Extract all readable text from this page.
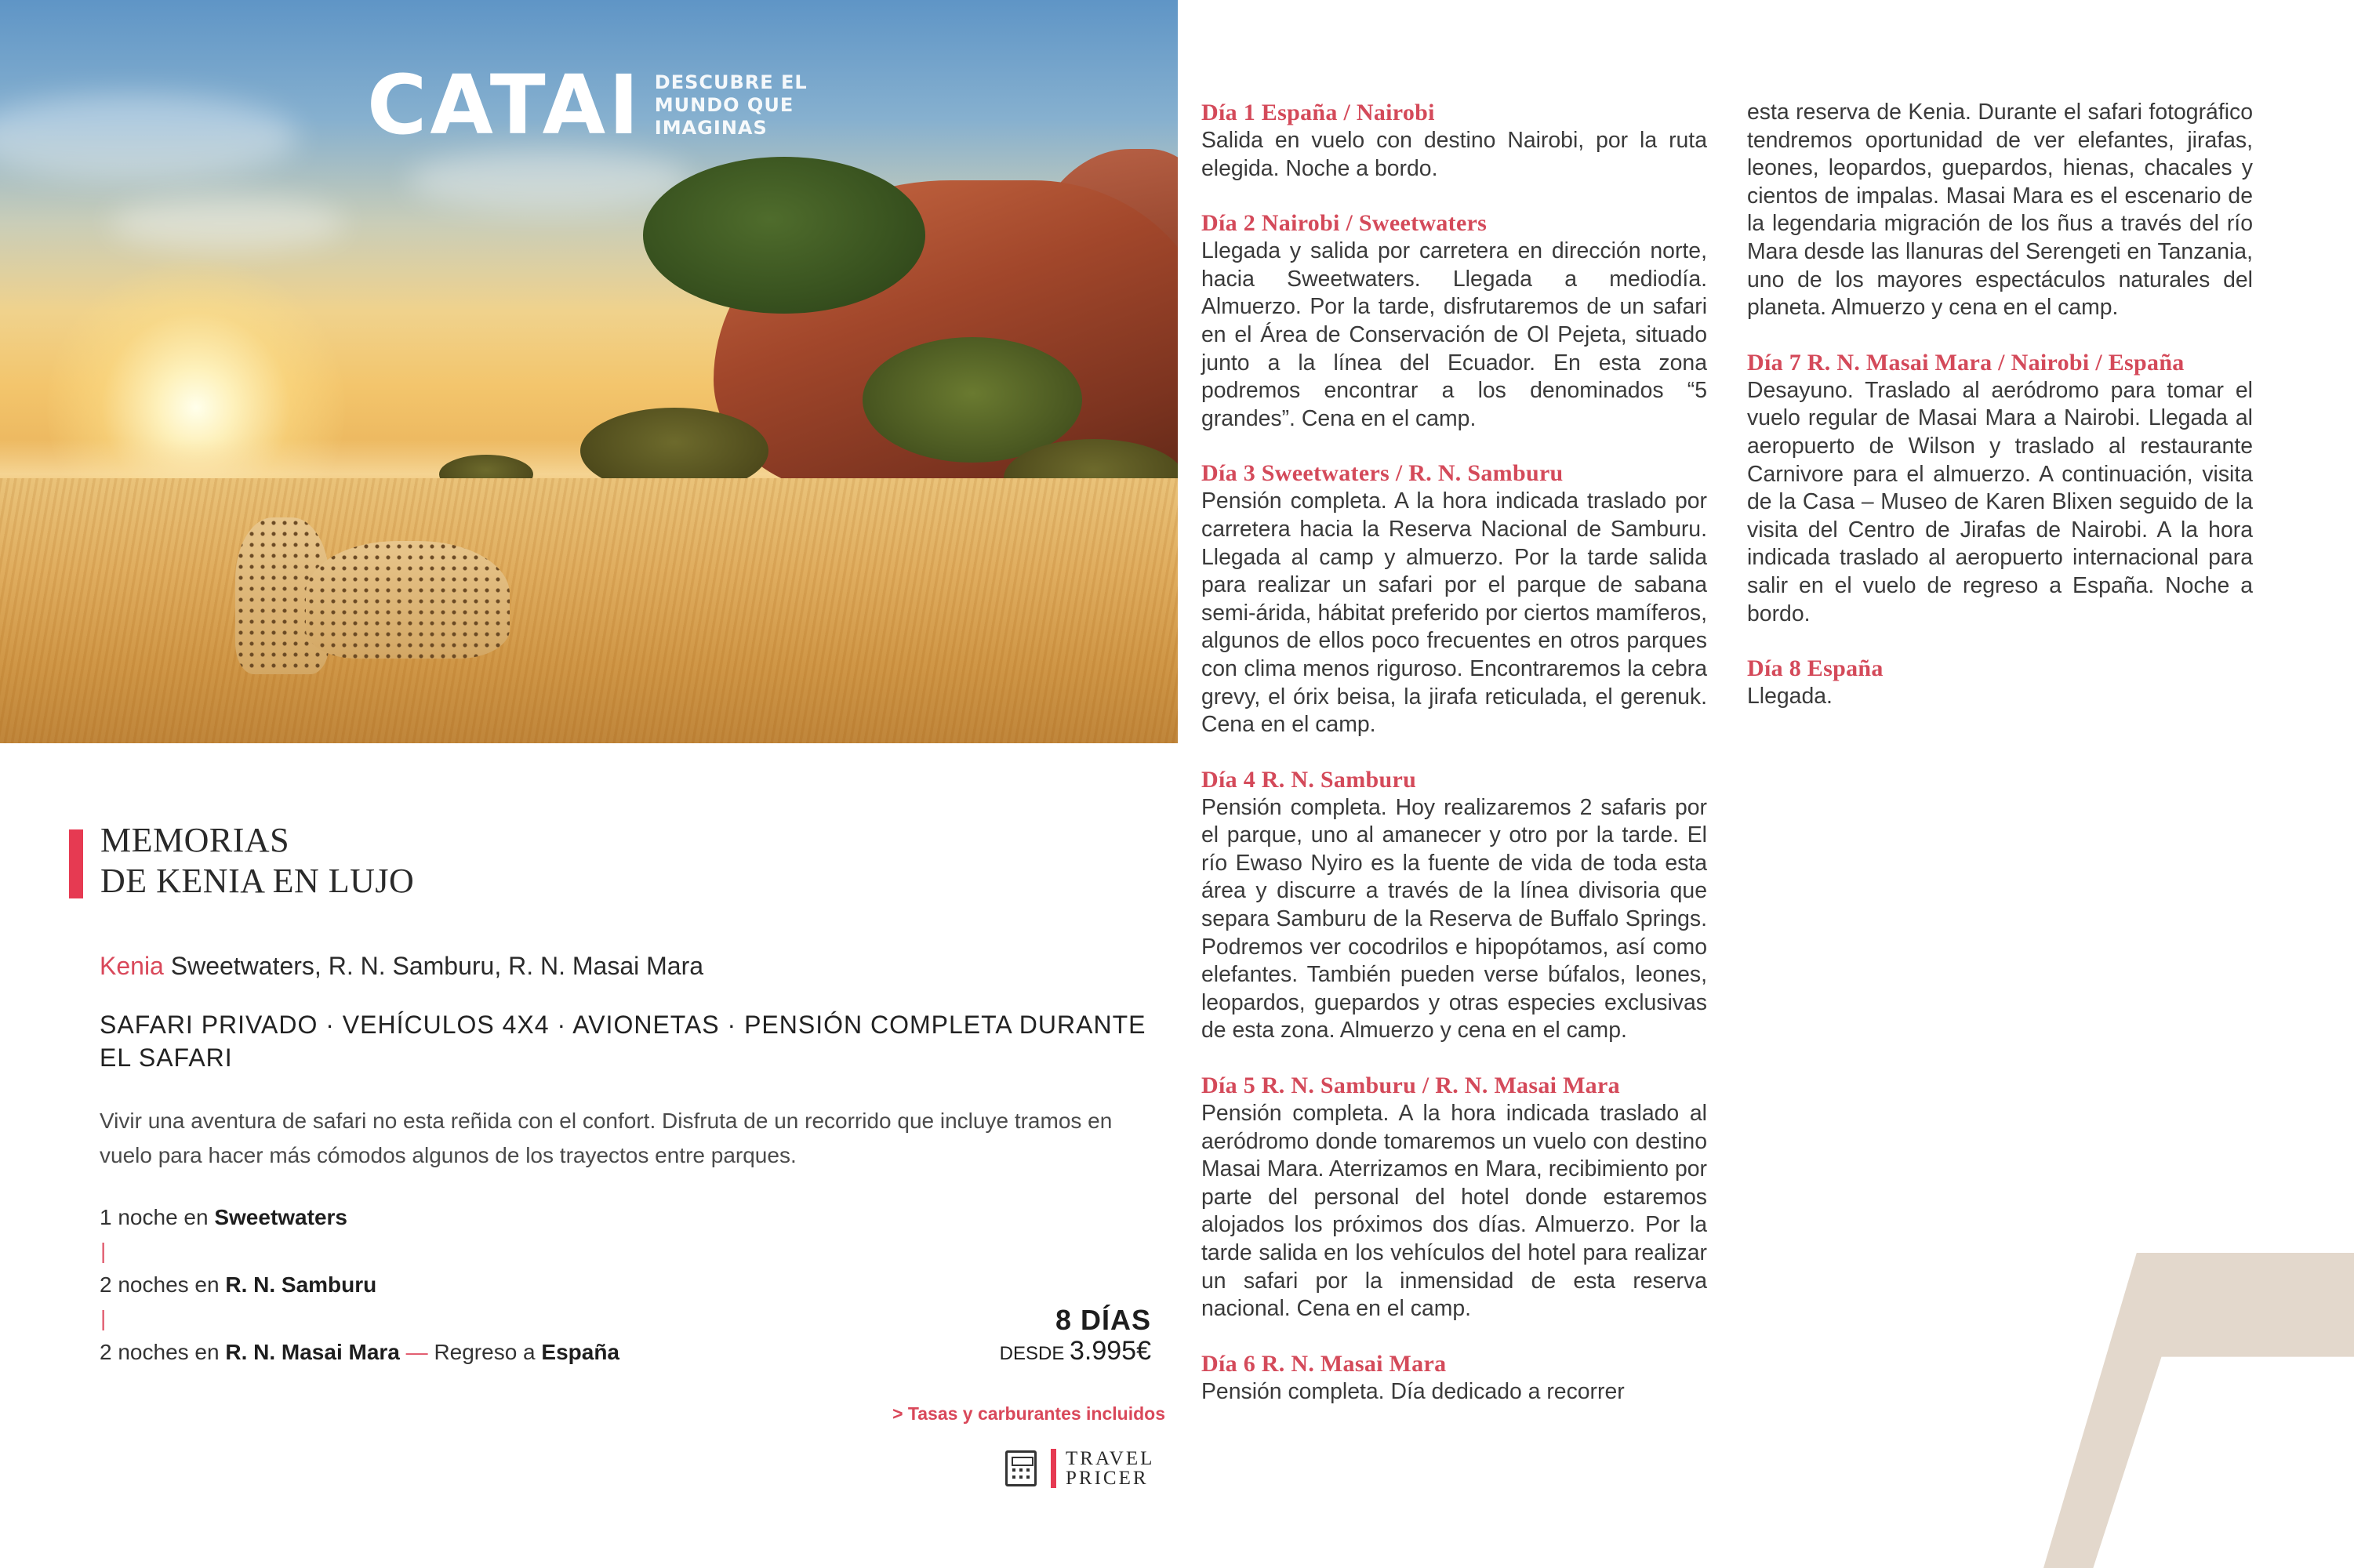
CATAI DESCUBRE EL
MUNDO QUE
IMAGINAS
MEMORIAS
DE KENIA EN LUJO
Kenia Sweetwaters, R. N. Samburu, R. N. Masai Mara
SAFARI PRIVADO · VEHÍCULOS 4X4 · AVIONETAS · PENSIÓN COMPLETA DURANTE EL SAFARI
Vivir una aventura de safari no esta reñida con el confort. Disfruta de un recorrido que incluye tramos en vuelo para hacer más cómodos algunos de los trayectos entre parques.
1 noche en Sweetwaters
|
2 noches en R. N. Samburu
|
2 noches en R. N. Masai Mara — Regreso a España
8 DÍAS
DESDE 3.995€
> Tasas y carburantes incluidos
TRAVEL
PRICER
Día 1 España / Nairobi
Salida en vuelo con destino Nairobi, por la ruta elegida. Noche a bordo.
Día 2 Nairobi / Sweetwaters
Llegada y salida por carretera en dirección norte, hacia Sweetwaters. Llegada a mediodía. Almuerzo. Por la tarde, disfrutaremos de un safari en el Área de Conservación de Ol Pejeta, situado junto a la línea del Ecuador. En esta zona podremos encontrar a los denominados “5 grandes”. Cena en el camp.
Día 3 Sweetwaters / R. N. Samburu
Pensión completa. A la hora indicada traslado por carretera hacia la Reserva Nacional de Samburu. Llegada al camp y almuerzo. Por la tarde salida para realizar un safari por el parque de sabana semi-árida, hábitat preferido por ciertos mamíferos, algunos de ellos poco frecuentes en otros parques con clima menos riguroso. Encontraremos la cebra grevy, el órix beisa, la jirafa reticulada, el gerenuk. Cena en el camp.
Día 4 R. N. Samburu
Pensión completa. Hoy realizaremos 2 safaris por el parque, uno al amanecer y otro por la tarde. El río Ewaso Nyiro es la fuente de vida de toda esta área y discurre a través de la línea divisoria que separa Samburu de la Reserva de Buffalo Springs. Podremos ver cocodrilos e hipopótamos, así como elefantes. También pueden verse búfalos, leones, leopardos, guepardos y otras especies exclusivas de esta zona. Almuerzo y cena en el camp.
Día 5 R. N. Samburu / R. N. Masai Mara
Pensión completa. A la hora indicada traslado al aeródromo donde tomaremos un vuelo con destino Masai Mara. Aterrizamos en Mara, recibimiento por parte del personal del hotel donde estaremos alojados los próximos dos días. Almuerzo. Por la tarde salida en los vehículos del hotel para realizar un safari por la inmensidad de esta reserva nacional. Cena en el camp.
Día 6 R. N. Masai Mara
Pensión completa. Día dedicado a recorrer
esta reserva de Kenia. Durante el safari fotográfico tendremos oportunidad de ver elefantes, jirafas, leones, leopardos, guepardos, hienas, chacales y cientos de impalas. Masai Mara es el escenario de la legendaria migración de los ñus a través del río Mara desde las llanuras del Serengeti en Tanzania, uno de los mayores espectáculos naturales del planeta. Almuerzo y cena en el camp.
Día 7 R. N. Masai Mara / Nairobi / España
Desayuno. Traslado al aeródromo para tomar el vuelo regular de Masai Mara a Nairobi. Llegada al aeropuerto de Wilson y traslado al restaurante Carnivore para el almuerzo. A continuación, visita de la Casa – Museo de Karen Blixen seguido de la visita del Centro de Jirafas de Nairobi. A la hora indicada traslado al aeropuerto internacional para salir en el vuelo de regreso a España. Noche a bordo.
Día 8 España
Llegada.
